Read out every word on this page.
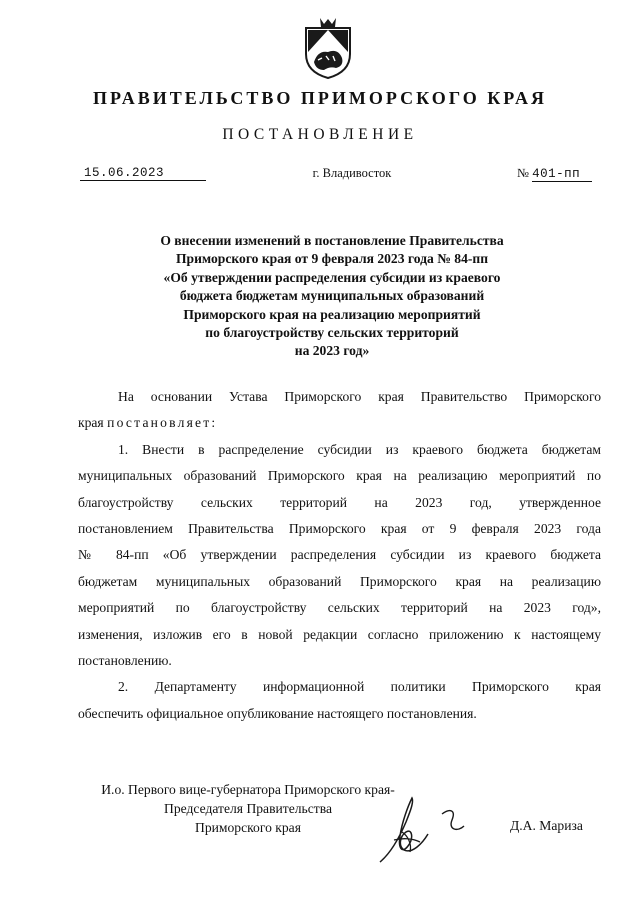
ПРАВИТЕЛЬСТВО ПРИМОРСКОГО КРАЯ
ПОСТАНОВЛЕНИЕ
15.06.2023	г. Владивосток	№ 401-пп
О внесении изменений в постановление Правительства
Приморского края от 9 февраля 2023 года № 84-пп
«Об утверждении распределения субсидии из краевого
бюджета бюджетам муниципальных образований
Приморского края на реализацию мероприятий
по благоустройству сельских территорий
на 2023 год»
На основании Устава Приморского края Правительство Приморского
края постановляет:
1. Внести в распределение субсидии из краевого бюджета бюджетам
муниципальных образований Приморского края на реализацию мероприятий по
благоустройству сельских территорий на 2023 год, утвержденное
постановлением Правительства Приморского края от 9 февраля 2023 года
№ 84-пп «Об утверждении распределения субсидии из краевого бюджета
бюджетам муниципальных образований Приморского края на реализацию
мероприятий по благоустройству сельских территорий на 2023 год»,
изменения, изложив его в новой редакции согласно приложению к настоящему
постановлению.
2. Департаменту информационной политики Приморского края
обеспечить официальное опубликование настоящего постановления.
И.о. Первого вице-губернатора Приморского края-
Председателя Правительства
Приморского края	Д.А. Мариза
